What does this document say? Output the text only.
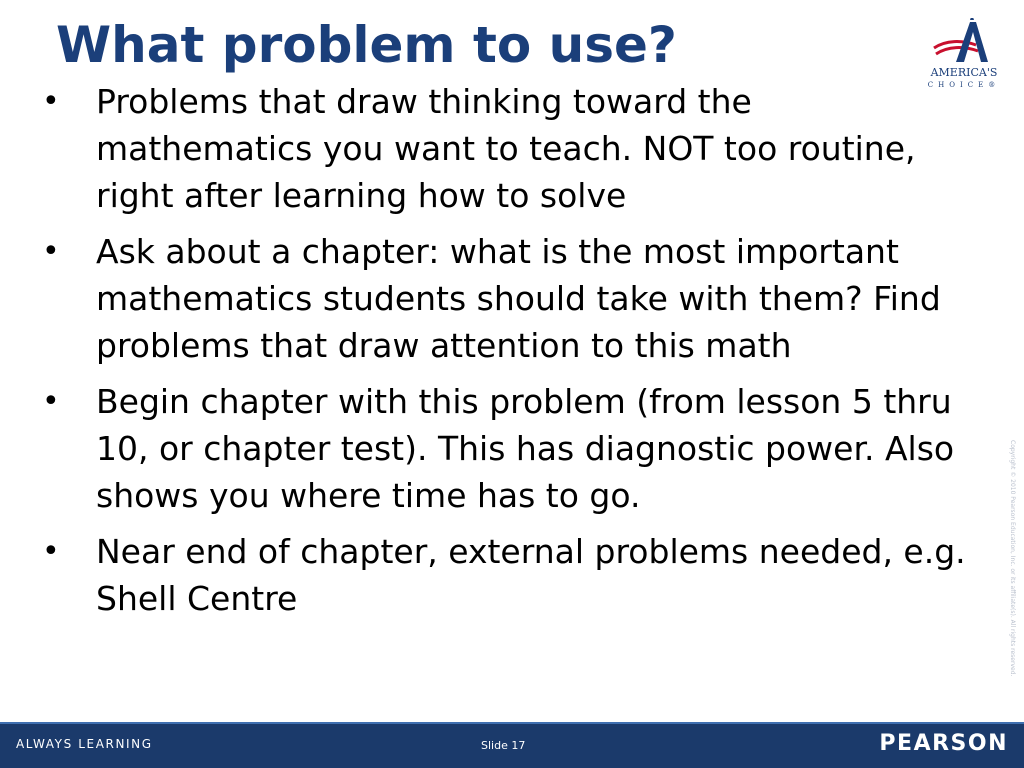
What problem to use?	AMERICA'S
CHOICE®
• Problems that draw thinking toward the mathematics you want to teach. NOT too routine, right after learning how to solve
• Ask about a chapter: what is the most important mathematics students should take with them? Find problems that draw attention to this math
• Begin chapter with this problem (from lesson 5 thru 10, or chapter test). This has diagnostic power. Also shows you where time has to go.
• Near end of chapter, external problems needed, e.g. Shell Centre	Copyright © 2010 Pearson Education, Inc. or its affiliate(s). All rights reserved.
ALWAYS LEARNING	Slide 17	PEARSON
